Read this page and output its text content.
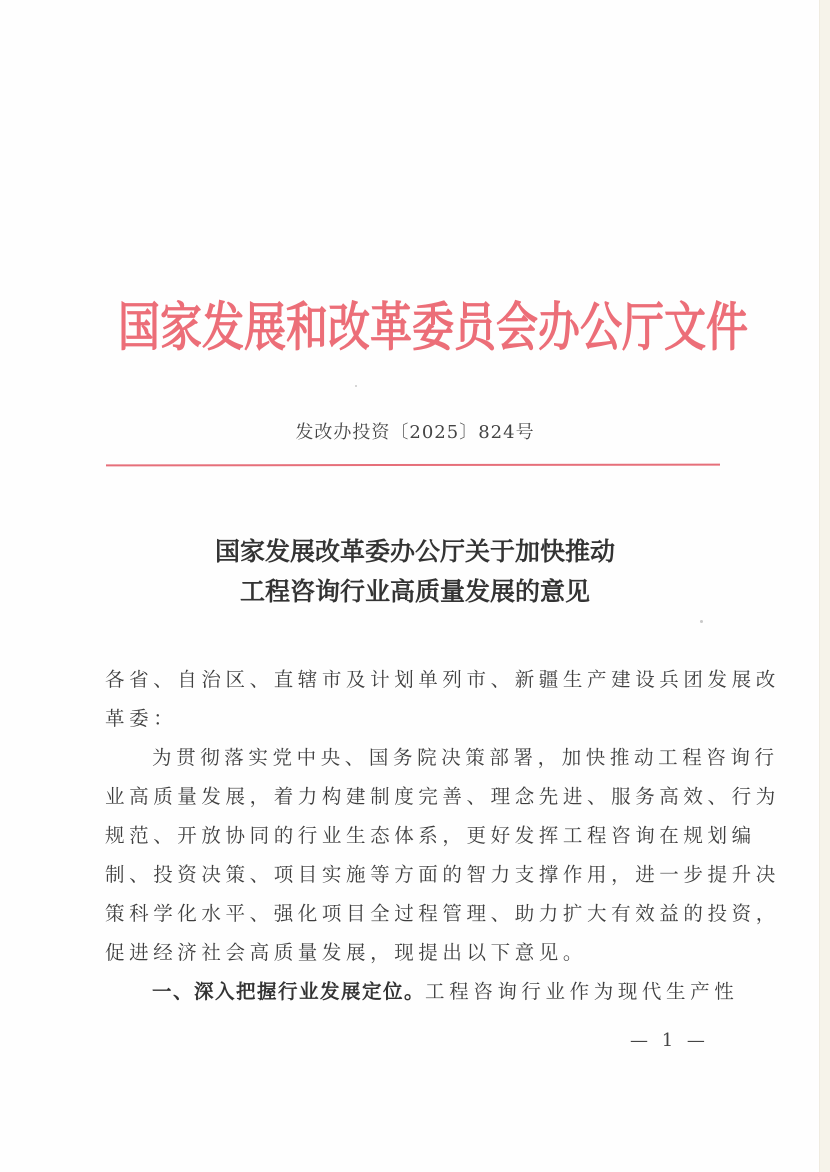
国家发展和改革委员会办公厅文件
发改办投资〔2025〕824号
国家发展改革委办公厅关于加快推动
工程咨询行业高质量发展的意见

各省、自治区、直辖市及计划单列市、新疆生产建设兵团发展改
革委：

为贯彻落实党中央、国务院决策部署，加快推动工程咨询行
业高质量发展，着力构建制度完善、理念先进、服务高效、行为
规范、开放协同的行业生态体系，更好发挥工程咨询在规划编
制、投资决策、项目实施等方面的智力支撑作用，进一步提升决
策科学化水平、强化项目全过程管理、助力扩大有效益的投资，
促进经济社会高质量发展，现提出以下意见。

一、深入把握行业发展定位。工程咨询行业作为现代生产性

— 1 —
